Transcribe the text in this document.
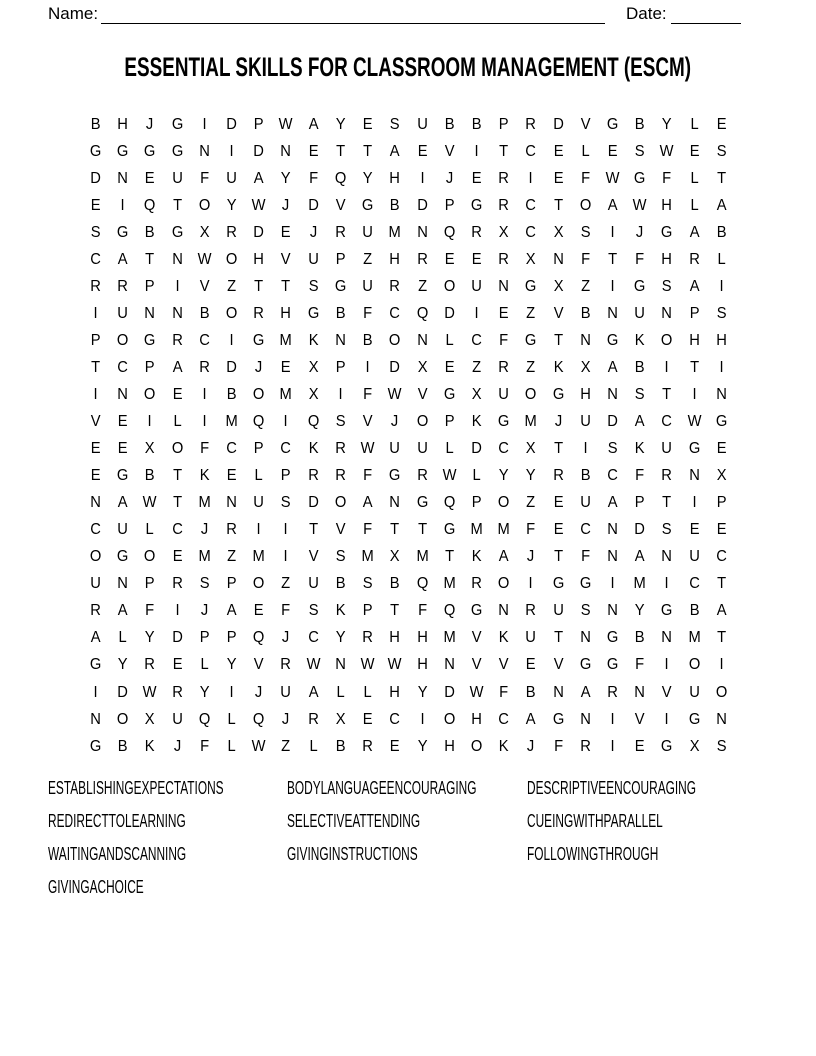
Name:	Date:
ESSENTIAL SKILLS FOR CLASSROOM MANAGEMENT (ESCM)
B	H	J	G	I	D	P W A	Y	E	S	U	B	B	P	R	D	V	G	B	Y	L	E
G G G G	N	I	D	N	E	T	T	A	E	V	I	T	C	E	L	E	S W E	S
D	N	E	U	F	U	A	Y	F	Q	Y	H	I	J	E	R	I	E	F W G	F	L	T
E	I	Q	T	O	Y W	J	D	V	G	B	D	P	G	R	C	T	O	A W H	L	A
S	G	B	G	X	R	D	E	J	R	U M N	Q	R	X	C	X	S	I	J	G	A	B
C	A	T	N W O	H	V	U	P	Z	H	R	E	E	R	X	N	F	T	F	H	R	L
R	R	P	I	V	Z	T	T	S	G	U	R	Z	O	U	N	G	X	Z	I	G	S	A	I
I	U	N	N	B	O	R	H	G	B	F	C	Q	D	I	E	Z	V	B	N	U	N	P	S
P	O G	R	C	I	G M	K	N	B	O	N	L	C	F	G	T	N	G	K	O	H	H
T	C	P	A	R	D	J	E	X	P	I	D	X	E	Z	R	Z	K	X	A	B	I	T	I
I	N	O	E	I	B	O M	X	I	F W V	G	X	U	O G	H	N	S	T	I	N
V	E	I	L	I	M Q	I	Q	S	V	J	O	P	K	G M	J	U	D	A	C W G
E	E	X	O	F	C	P	C	K	R W U	U	L	D	C	X	T	I	S	K	U	G	E
E	G	B	T	K	E	L	P	R	R	F	G	R W	L	Y	Y	R	B	C	F	R	N	X
N	A W T	M N	U	S	D	O	A	N	G Q	P	O	Z	E	U	A	P	T	I	P
C	U	L	C	J	R	I	I	T	V	F	T	T	G M M	F	E	C	N	D	S	E	E
O G O	E	M	Z	M	I	V	S	M	X	M	T	K	A	J	T	F	N	A	N	U	C
U	N	P	R	S	P	O	Z	U	B	S	B	Q M R	O	I	G G	I	M	I	C	T
R	A	F	I	J	A	E	F	S	K	P	T	F	Q G	N	R	U	S	N	Y	G	B	A
A	L	Y	D	P	P	Q	J	C	Y	R	H	H M	V	K	U	T	N	G	B	N M	T
G	Y	R	E	L	Y	V	R W N W W H	N	V	V	E	V	G G	F	I	O	I
I	D W R	Y	I	J	U	A	L	L	H	Y	D W F	B	N	A	R	N	V	U	O
N	O	X	U	Q	L	Q	J	R	X	E	C	I	O	H	C	A	G	N	I	V	I	G	N
G	B	K	J	F	L	W Z	L	B	R	E	Y	H	O	K	J	F	R	I	E	G	X	S
ESTABLISHINGEXPECTATIONS
REDIRECTTOLEARNING
WAITINGANDSCANNING
GIVINGACHOICE
BODYLANGUAGEENCOURAGING
SELECTIVEATTENDING
GIVINGINSTRUCTIONS
DESCRIPTIVEENCOURAGING
CUEINGWITHPARALLEL
FOLLOWINGTHROUGH
